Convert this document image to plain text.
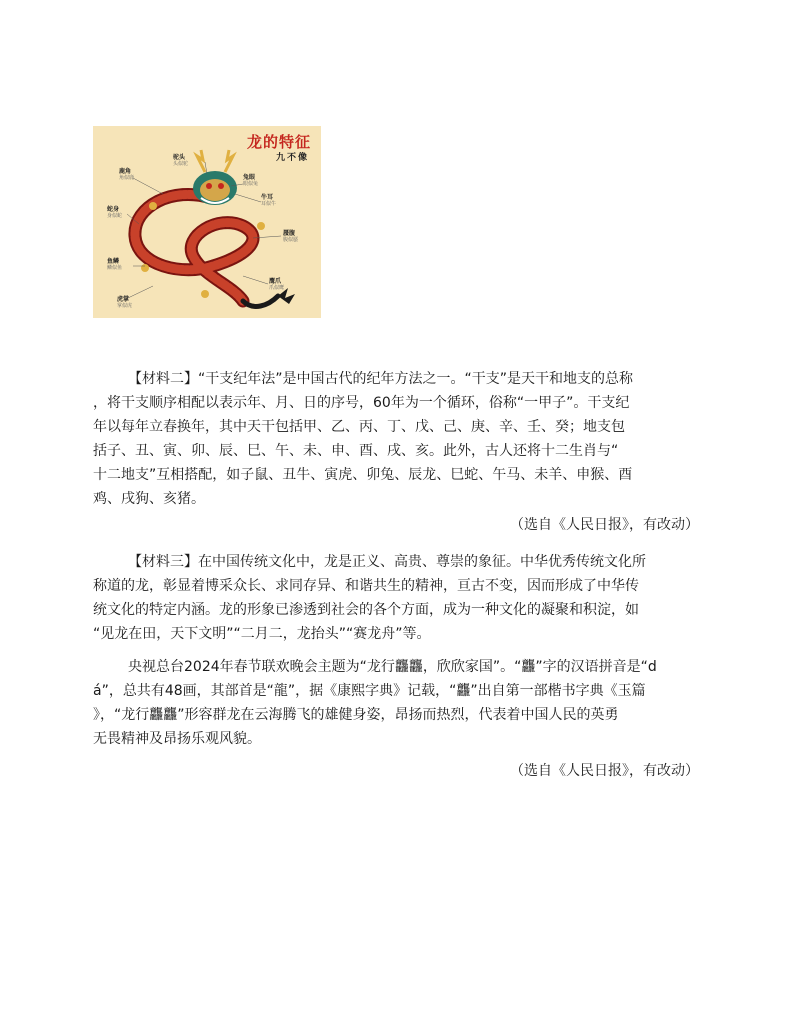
龙的特征
九不像
驼头
头似驼
鹿角
角似鹿	兔眼
眼似兔
牛耳
耳似牛
蛇身
身似蛇
蜃腹
腹似蜃
鱼鳞
鳞似鱼
鹰爪
爪似鹰
虎掌
掌似虎

【材料二】“干支纪年法”是中国古代的纪年方法之一。“干支”是天干和地支的总称
，将干支顺序相配以表示年、月、日的序号，60年为一个循环，俗称“一甲子”。干支纪
年以每年立春换年，其中天干包括甲、乙、丙、丁、戊、己、庚、辛、壬、癸；地支包
括子、丑、寅、卯、辰、巳、午、未、申、酉、戌、亥。此外，古人还将十二生肖与“
十二地支”互相搭配，如子鼠、丑牛、寅虎、卯兔、辰龙、巳蛇、午马、未羊、申猴、酉
鸡、戌狗、亥猪。

（选自《人民日报》，有改动）

【材料三】在中国传统文化中，龙是正义、高贵、尊崇的象征。中华优秀传统文化所
称道的龙，彰显着博采众长、求同存异、和谐共生的精神，亘古不变，因而形成了中华传
统文化的特定内涵。龙的形象已渗透到社会的各个方面，成为一种文化的凝聚和积淀，如
“见龙在田，天下文明”“二月二，龙抬头”“赛龙舟”等。

央视总台2024年春节联欢晚会主题为“龙行龘龘，欣欣家国”。“龘”字的汉语拼音是“d
á”，总共有48画，其部首是“龍”，据《康熙字典》记载，“龘”出自第一部楷书字典《玉篇
》，“龙行龘龘”形容群龙在云海腾飞的雄健身姿，昂扬而热烈，代表着中国人民的英勇
无畏精神及昂扬乐观风貌。

（选自《人民日报》，有改动）
